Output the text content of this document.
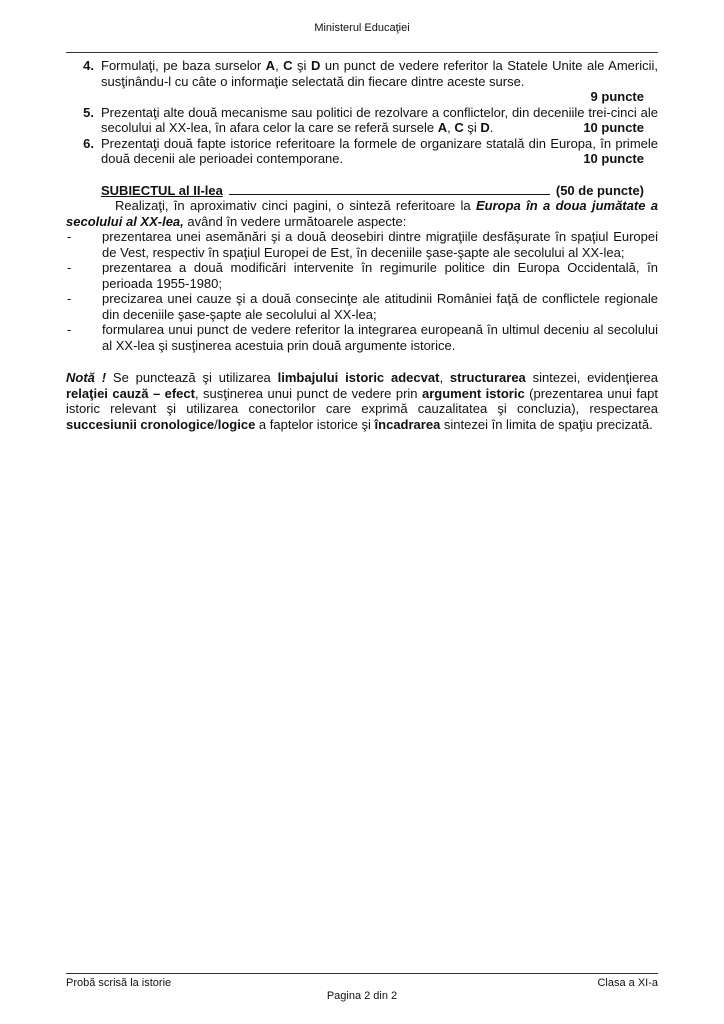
Ministerul Educaţiei
4. Formulaţi, pe baza surselor A, C şi D un punct de vedere referitor la Statele Unite ale Americii, susţinându-l cu câte o informaţie selectată din fiecare dintre aceste surse.
9 puncte
5. Prezentaţi alte două mecanisme sau politici de rezolvare a conflictelor, din deceniile trei-cinci ale secolului al XX-lea, în afara celor la care se referă sursele A, C şi D.	10 puncte
6. Prezentaţi două fapte istorice referitoare la formele de organizare statală din Europa, în primele două decenii ale perioadei contemporane.	10 puncte
SUBIECTUL al II-lea	(50 de puncte)
Realizaţi, în aproximativ cinci pagini, o sinteză referitoare la Europa în a doua jumătate a secolului al XX-lea, având în vedere următoarele aspecte:
-	prezentarea unei asemănări şi a două deosebiri dintre migraţiile desfăşurate în spaţiul Europei de Vest, respectiv în spaţiul Europei de Est, în deceniile şase-şapte ale secolului al XX-lea;
-	prezentarea a două modificări intervenite în regimurile politice din Europa Occidentală, în perioada 1955-1980;
-	precizarea unei cauze şi a două consecinţe ale atitudinii României faţă de conflictele regionale din deceniile şase-şapte ale secolului al XX-lea;
-	formularea unui punct de vedere referitor la integrarea europeană în ultimul deceniu al secolului al XX-lea şi susţinerea acestuia prin două argumente istorice.
Notă ! Se punctează şi utilizarea limbajului istoric adecvat, structurarea sintezei, evidenţierea relaţiei cauză – efect, susţinerea unui punct de vedere prin argument istoric (prezentarea unui fapt istoric relevant şi utilizarea conectorilor care exprimă cauzalitatea şi concluzia), respectarea succesiunii cronologice/logice a faptelor istorice şi încadrarea sintezei în limita de spaţiu precizată.
Probă scrisă la istorie	Clasa a XI-a
Pagina 2 din 2
